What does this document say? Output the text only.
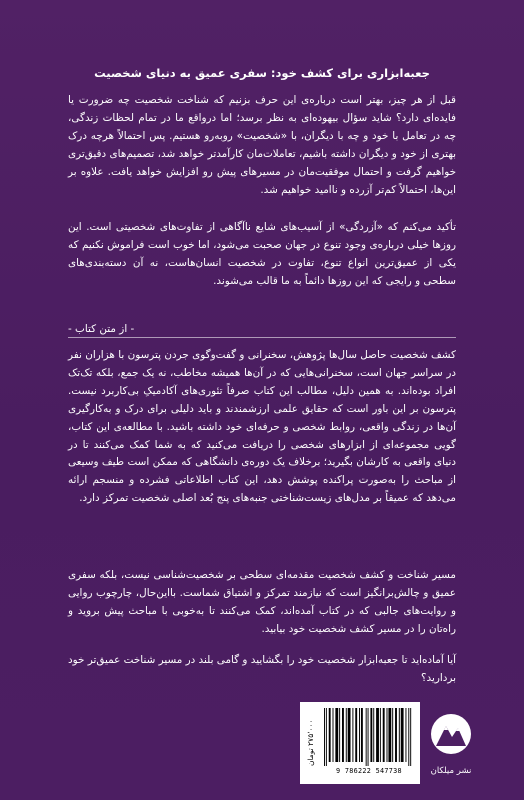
جعبه‌ابزاری برای کشف خود: سفری عمیق به دنیای شخصیت

قبل از هر چیز، بهتر است درباره‌ی این حرف بزنیم که شناخت شخصیت چه ضرورت یا فایده‌ای دارد؟ شاید سؤال بیهوده‌ای به نظر برسد؛ اما درواقع ما در تمام لحظات زندگی، چه در تعامل با خود و چه با دیگران، با «شخصیت» روبه‌رو هستیم. پس احتمالاً هرچه درک بهتری از خود و دیگران داشته باشیم، تعاملات‌مان کارآمدتر خواهد شد، تصمیم‌های دقیق‌تری خواهیم گرفت و احتمال موفقیت‌مان در مسیرهای پیش رو افزایش خواهد یافت. علاوه بر این‌ها، احتمالاً کم‌تر آزرده و ناامید خواهیم شد.

تأکید می‌کنم که «آزردگی» از آسیب‌های شایع ناآگاهی از تفاوت‌های شخصیتی است. این روزها خیلی درباره‌ی وجود تنوع در جهان صحبت می‌شود، اما خوب است فراموش نکنیم که یکی از عمیق‌ترین انواع تنوع، تفاوت در شخصیت انسان‌هاست، نه آن دسته‌بندی‌های سطحی و رایجی که این روزها دائماً به ما قالب می‌شوند.

- از متن کتاب -

کشف شخصیت حاصل سال‌ها پژوهش، سخنرانی و گفت‌وگوی جردن پترسون با هزاران نفر در سراسر جهان است، سخنرانی‌هایی که در آن‌ها همیشه مخاطب، نه یک جمع، بلکه تک‌تک افراد بوده‌اند. به همین دلیل، مطالب این کتاب صرفاً تئوری‌های آکادمیکِ بی‌کاربرد نیست. پترسون بر این باور است که حقایق علمی ارزشمندند و باید دلیلی برای درک و به‌کارگیری آن‌ها در زندگی واقعی، روابط شخصی و حرفه‌ای خود داشته باشید. با مطالعه‌ی این کتاب، گویی مجموعه‌ای از ابزارهای شخصی را دریافت می‌کنید که به شما کمک می‌کنند تا در دنیای واقعی به کارشان بگیرید؛ برخلاف یک دوره‌ی دانشگاهی که ممکن است طیف وسیعی از مباحث را به‌صورت پراکنده پوشش دهد، این کتاب اطلاعاتی فشرده و منسجم ارائه می‌دهد که عمیقاً بر مدل‌های زیست‌شناختی جنبه‌های پنج بُعد اصلی شخصیت تمرکز دارد.

مسیر شناخت و کشف شخصیت مقدمه‌ای سطحی بر شخصیت‌شناسی نیست، بلکه سفری عمیق و چالش‌برانگیز است که نیازمند تمرکز و اشتیاق شماست. بااین‌حال، چارچوب روایی و روایت‌های جالبی که در کتاب آمده‌اند، کمک می‌کنند تا به‌خوبی با مباحث پیش بروید و راه‌تان را در مسیر کشف شخصیت خود بیابید.

آیا آماده‌اید تا جعبه‌ابزار شخصیت خود را بگشایید و گامی بلند در مسیر شناخت عمیق‌تر خود بردارید؟

۲۷۵٬۰۰۰ تومان
9 786222 547738	نشر میلکان
